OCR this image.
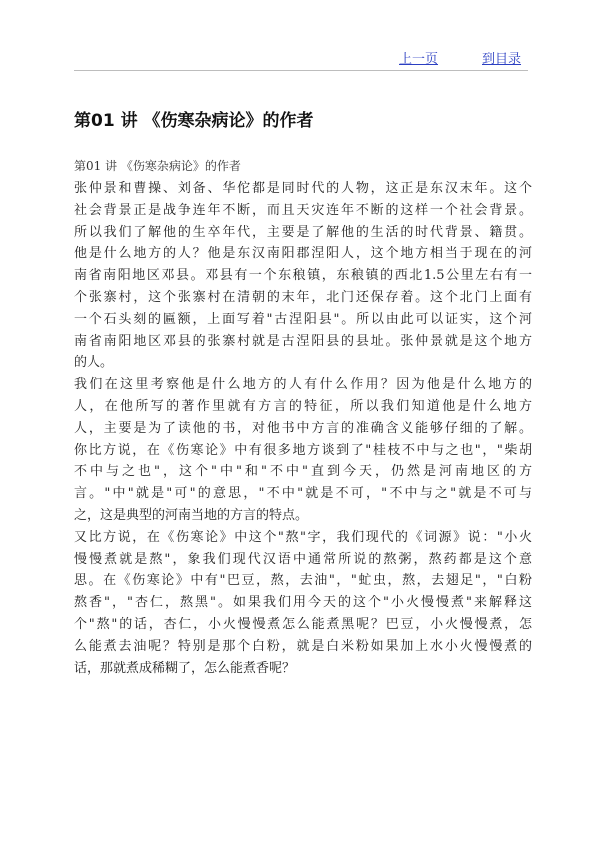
上一页	到目录
第01 讲 《伤寒杂病论》的作者
第01 讲 《伤寒杂病论》的作者
张仲景和曹操、刘备、华佗都是同时代的人物，这正是东汉末年。这个
社会背景正是战争连年不断，而且天灾连年不断的这样一个社会背景。
所以我们了解他的生卒年代，主要是了解他的生活的时代背景、籍贯。
他是什么地方的人？他是东汉南阳郡涅阳人，这个地方相当于现在的河
南省南阳地区邓县。邓县有一个东稂镇，东稂镇的西北1.5公里左右有一
个张寨村，这个张寨村在清朝的末年，北门还保存着。这个北门上面有
一个石头刻的匾额，上面写着"古涅阳县"。所以由此可以证实，这个河
南省南阳地区邓县的张寨村就是古涅阳县的县址。张仲景就是这个地方
的人。
我们在这里考察他是什么地方的人有什么作用？因为他是什么地方的
人，在他所写的著作里就有方言的特征，所以我们知道他是什么地方
人，主要是为了读他的书，对他书中方言的准确含义能够仔细的了解。
你比方说，在《伤寒论》中有很多地方谈到了"桂枝不中与之也"，"柴胡
不中与之也"，这个"中"和"不中"直到今天，仍然是河南地区的方
言。"中"就是"可"的意思，"不中"就是不可，"不中与之"就是不可与
之，这是典型的河南当地的方言的特点。
又比方说，在《伤寒论》中这个"熬"字，我们现代的《词源》说："小火
慢慢煮就是熬"，象我们现代汉语中通常所说的熬粥，熬药都是这个意
思。在《伤寒论》中有"巴豆，熬，去油"，"虻虫，熬，去翅足"，"白粉
熬香"，"杏仁，熬黑"。如果我们用今天的这个"小火慢慢煮"来解释这
个"熬"的话，杏仁，小火慢慢煮怎么能煮黑呢？巴豆，小火慢慢煮，怎
么能煮去油呢？特别是那个白粉，就是白米粉如果加上水小火慢慢煮的
话，那就煮成稀糊了，怎么能煮香呢？
